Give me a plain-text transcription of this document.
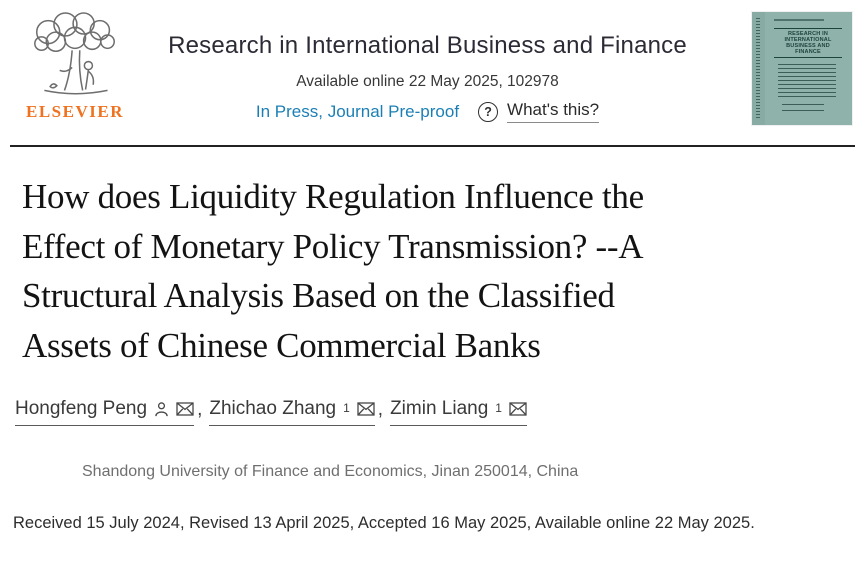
ELSEVIER
Research in International Business and Finance
Available online 22 May 2025, 102978
In Press, Journal Pre-proof	? What's this?
RESEARCH IN INTERNATIONAL BUSINESS AND FINANCE
How does Liquidity Regulation Influence the
Effect of Monetary Policy Transmission? --A
Structural Analysis Based on the Classified
Assets of Chinese Commercial Banks
Hongfeng Peng	, Zhichao Zhang $^1$ , Zimin Liang $^1$
Shandong University of Finance and Economics, Jinan 250014, China
Received 15 July 2024, Revised 13 April 2025, Accepted 16 May 2025, Available online 22 May 2025.
